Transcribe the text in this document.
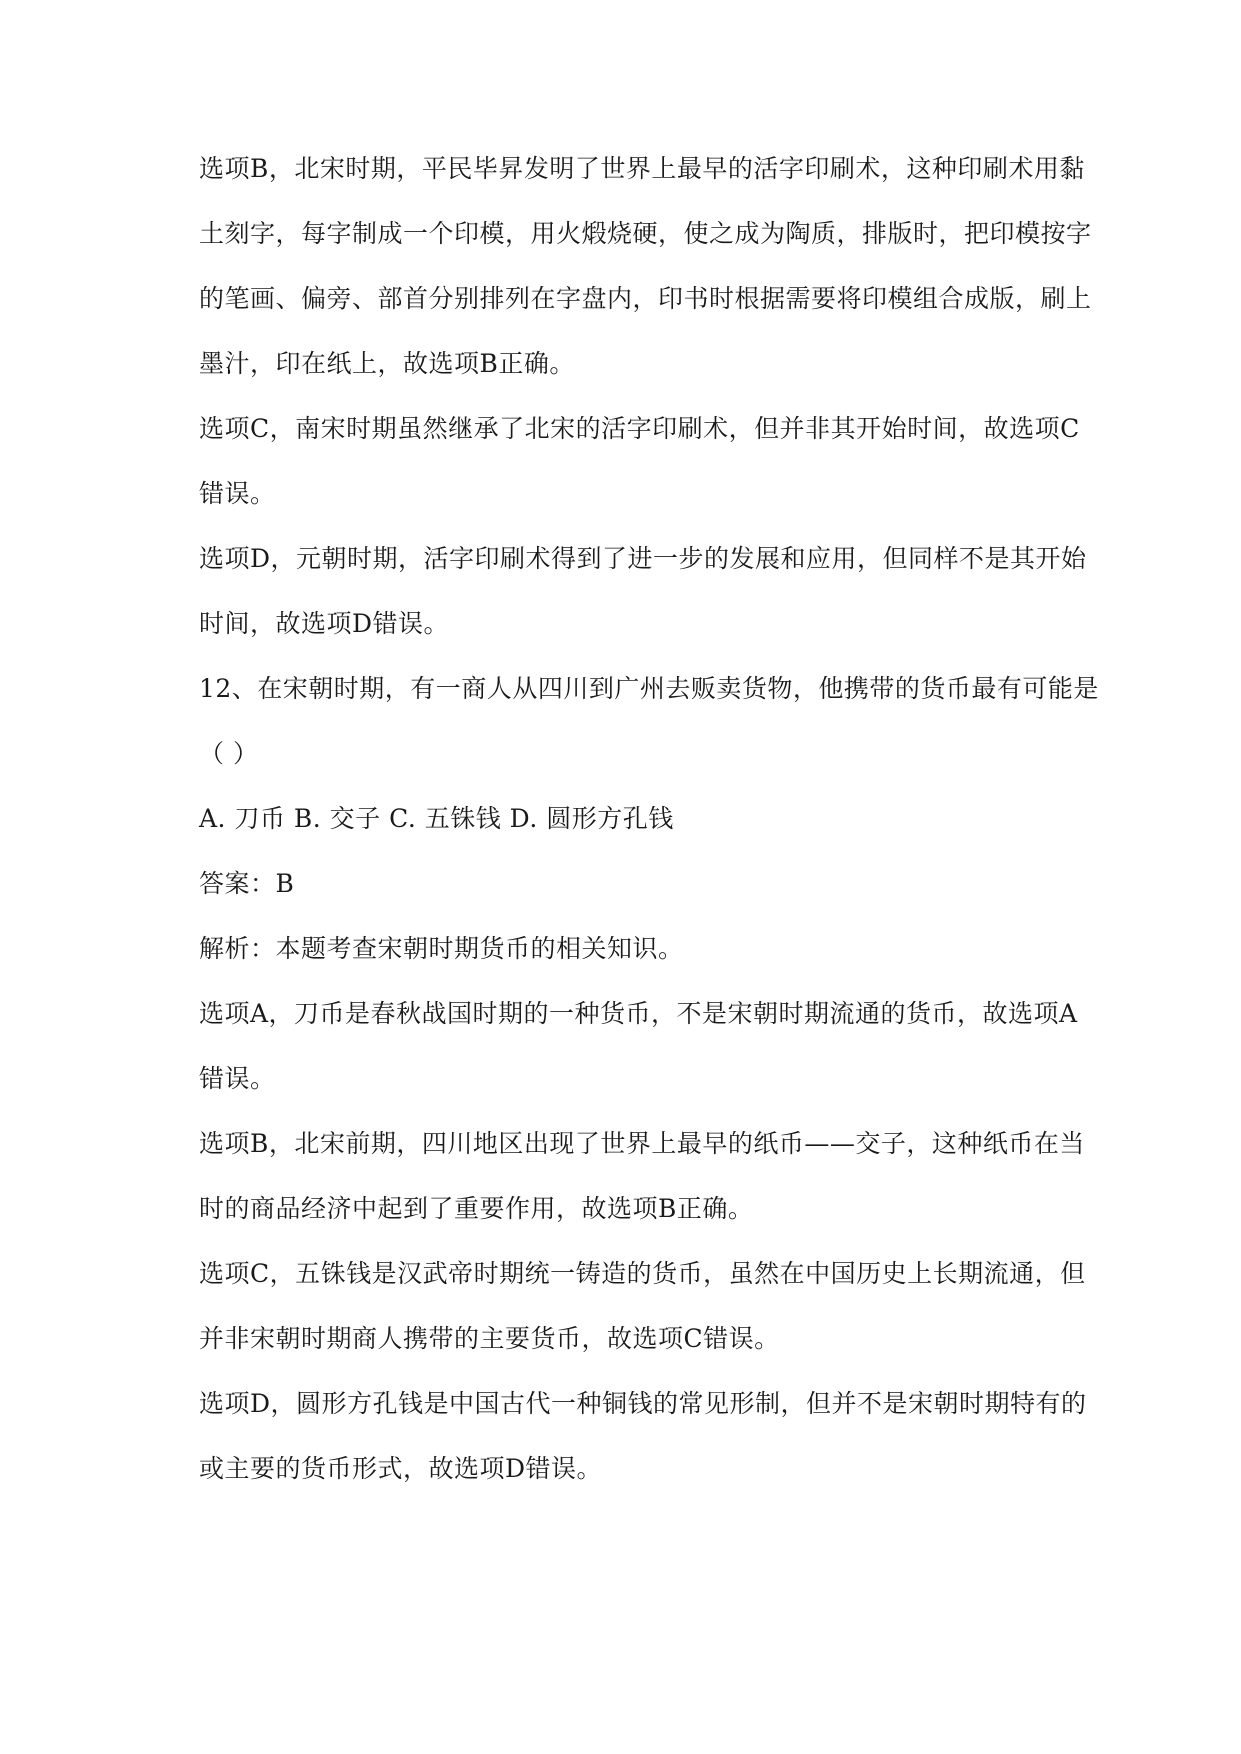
选项B，北宋时期，平民毕昇发明了世界上最早的活字印刷术，这种印刷术用黏土刻字，每字制成一个印模，用火煅烧硬，使之成为陶质，排版时，把印模按字的笔画、偏旁、部首分别排列在字盘内，印书时根据需要将印模组合成版，刷上墨汁，印在纸上，故选项B正确。

选项C，南宋时期虽然继承了北宋的活字印刷术，但并非其开始时间，故选项C错误。

选项D，元朝时期，活字印刷术得到了进一步的发展和应用，但同样不是其开始时间，故选项D错误。

12、在宋朝时期，有一商人从四川到广州去贩卖货物，他携带的货币最有可能是（ ）

A. 刀币 B. 交子 C. 五铢钱 D. 圆形方孔钱

答案：B

解析：本题考查宋朝时期货币的相关知识。

选项A，刀币是春秋战国时期的一种货币，不是宋朝时期流通的货币，故选项A错误。

选项B，北宋前期，四川地区出现了世界上最早的纸币——交子，这种纸币在当时的商品经济中起到了重要作用，故选项B正确。

选项C，五铢钱是汉武帝时期统一铸造的货币，虽然在中国历史上长期流通，但并非宋朝时期商人携带的主要货币，故选项C错误。

选项D，圆形方孔钱是中国古代一种铜钱的常见形制，但并不是宋朝时期特有的或主要的货币形式，故选项D错误。
